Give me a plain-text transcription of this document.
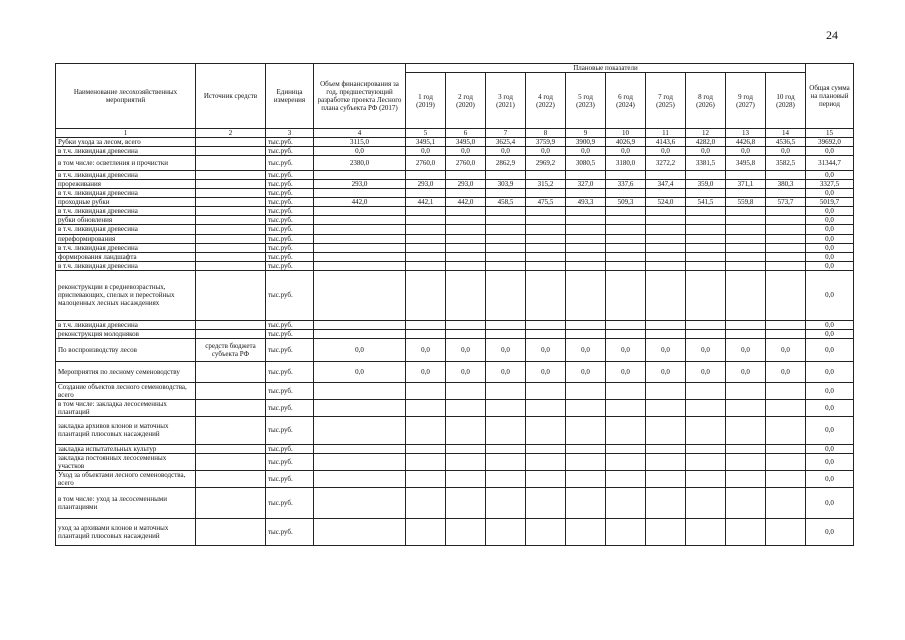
24
Наименование лесохозяйственных мероприятий	Источник средств	Единица измерения	Объем финансирования за год, предшествующий разработке проекта Лесного плана субъекта РФ (2017)	Плановые показатели										Общая сумма на плановый период
				1 год (2019)	2 год (2020)	3 год (2021)	4 год (2022)	5 год (2023)	6 год (2024)	7 год (2025)	8 год (2026)	9 год (2027)	10 год (2028)	
1	2	3	4	5	6	7	8	9	10	11	12	13	14	15
Рубки ухода за лесом, всего		тыс.руб.	3115,0	3495,1	3495,0	3625,4	3759,9	3900,9	4026,9	4143,6	4282,0	4426,8	4536,5	39692,0
в т.ч. ликвидная древесина		тыс.руб.	0,0	0,0	0,0	0,0	0,0	0,0	0,0	0,0	0,0	0,0	0,0	0,0
в том числе: осветления и прочистки		тыс.руб.	2380,0	2760,0	2760,0	2862,9	2969,2	3080,5	3180,0	3272,2	3381,5	3495,8	3582,5	31344,7
в т.ч. ликвидная древесина		тыс.руб.												0,0
прореживания		тыс.руб.	293,0	293,0	293,0	303,9	315,2	327,0	337,6	347,4	359,0	371,1	380,3	3327,5
в т.ч. ликвидная древесина		тыс.руб.												0,0
проходные рубки		тыс.руб.	442,0	442,1	442,0	458,5	475,5	493,3	509,3	524,0	541,5	559,8	573,7	5019,7
в т.ч. ликвидная древесина		тыс.руб.												0,0
рубки обновления		тыс.руб.												0,0
в т.ч. ликвидная древесина		тыс.руб.												0,0
переформирования		тыс.руб.												0,0
в т.ч. ликвидная древесина		тыс.руб.												0,0
формирования ландшафта		тыс.руб.												0,0
в т.ч. ликвидная древесина		тыс.руб.												0,0
реконструкции в средневозрастных, приспевающих, спелых и перестойных малоценных лесных насаждениях		тыс.руб.												0,0
в т.ч. ликвидная древесина		тыс.руб.												0,0
реконструкция молодняков		тыс.руб.												0,0
По воспроизводству лесов	средств бюджета субъекта РФ	тыс.руб.	0,0	0,0	0,0	0,0	0,0	0,0	0,0	0,0	0,0	0,0	0,0	0,0
Мероприятия по лесному семеноводству		тыс.руб.	0,0	0,0	0,0	0,0	0,0	0,0	0,0	0,0	0,0	0,0	0,0	0,0
Создание объектов лесного семеноводства, всего		тыс.руб.												0,0
в том числе: закладка лесосеменных плантаций		тыс.руб.												0,0
закладка архивов клонов и маточных плантаций плюсовых насаждений		тыс.руб.												0,0
закладка испытательных культур		тыс.руб.												0,0
закладка постоянных лесосеменных участков		тыс.руб.												0,0
Уход за объектами лесного семеноводства, всего		тыс.руб.												0,0
в том числе: уход за лесосеменными плантациями		тыс.руб.												0,0
уход за архивами клонов и маточных плантаций плюсовых насаждений		тыс.руб.												0,0
